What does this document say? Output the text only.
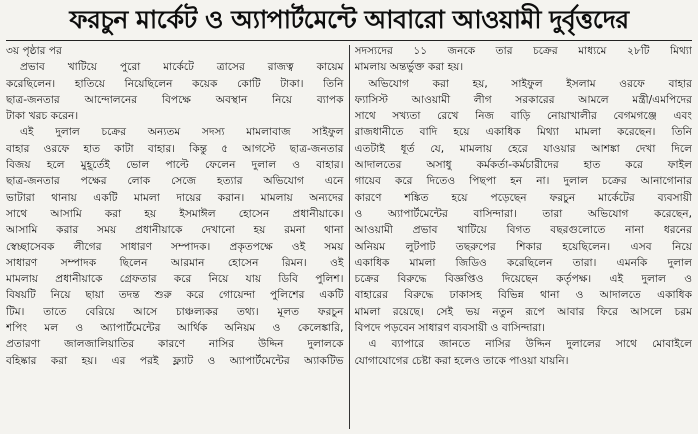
ফরচুন মার্কেট ও অ্যাপার্টমেন্টে আবারো আওয়ামী দুর্বৃত্তদের
৩য় পৃষ্ঠার পর
প্রভাব খাটিয়ে পুরো মার্কেটে ত্রাসের রাজত্ব কায়েম
করেছিলেন। হাতিয়ে নিয়েছিলেন কয়েক কোটি টাকা। তিনি
ছাত্র-জনতার আন্দোলনের বিপক্ষে অবস্থান নিয়ে ব্যাপক
টাকা খরচ করেন।
এই দুলাল চক্রের অন্যতম সদস্য মামলাবাজ সাইফুল
বাহার ওরফে হাত কাটা বাহার। কিন্তু ৫ আগস্টে ছাত্র-জনতার
বিজয় হলে মুহূর্তেই ভোল পাল্টে ফেলেন দুলাল ও বাহার।
ছাত্র-জনতার পক্ষের লোক সেজে হত্যার অভিযোগ এনে
ভাটারা থানায় একটি মামলা দায়ের করান। মামলায় অন্যদের
সাথে আসামি করা হয় ইসমাঈল হোসেন প্রধানীয়াকে।
আসামি করার সময় প্রধানীয়াকে দেখানো হয় রমনা থানা
স্বেচ্ছাসেবক লীগের সাধারণ সম্পাদক। প্রকৃতপক্ষে ওই সময়
সাধারণ সম্পাদক ছিলেন আরমান হোসেন রিমন। ওই
মামলায় প্রধানীয়াকে গ্রেফতার করে নিয়ে যায় ডিবি পুলিশ।
বিষয়টি নিয়ে ছায়া তদন্ত শুরু করে গোয়েন্দা পুলিশের একটি
টিম। তাতে বেরিয়ে আসে চাঞ্চল্যকর তথ্য। মূলত ফরচুন
শপিং মল ও অ্যাপার্টমেন্টের আর্থিক অনিয়ম ও কেলেঙ্কারি,
প্রতারণা জালজালিয়াতির কারণে নাসির উদ্দিন দুলালকে
বহিষ্কার করা হয়। এর পরই ফ্ল্যাট ও অ্যাপার্টমেন্টের অ্যাকটিভ
সদস্যদের ১১ জনকে তার চক্রের মাধ্যমে ২৮টি মিথ্যা
মামলায় অন্তর্ভুক্ত করা হয়।
অভিযোগ করা হয়, সাইফুল ইসলাম ওরফে বাহার
ফ্যাসিস্ট আওয়ামী লীগ সরকারের আমলে মন্ত্রী/এমপিদের
সাথে সখ্যতা রেখে নিজ বাড়ি নোয়াখালীর বেগমগঞ্জে এবং
রাজধানীতে বাদি হয়ে একাধিক মিথ্যা মামলা করেছেন। তিনি
এতটাই ধূর্ত যে, মামলায় হেরে যাওয়ার আশঙ্কা দেখা দিলে
আদালতের অসাধু কর্মকর্তা-কর্মচারীদের হাত করে ফাইল
গায়েব করে দিতেও পিছপা হন না। দুলাল চক্রের আনাগোনার
কারণে শঙ্কিত হয়ে পড়েছেন ফরচুন মার্কেটের ব্যবসায়ী
ও অ্যাপার্টমেন্টের বাসিন্দারা। তারা অভিযোগ করেছেন,
আওয়ামী প্রভাব খাটিয়ে বিগত বছরগুলোতে নানা ধরনের
অনিয়ম লুটপাট তছরুপের শিকার হয়েছিলেন। এসব নিয়ে
একাধিক মামলা জিডিও করেছিলেন তারা। এমনকি দুলাল
চক্রের বিরুদ্ধে বিজ্ঞপ্তিও দিয়েছেন কর্তৃপক্ষ। এই দুলাল ও
বাহারের বিরুদ্ধে ঢাকাসহ বিভিন্ন থানা ও আদালতে একাধিক
মামলা রয়েছে। সেই ভয় নতুন রূপে আবার ফিরে আসলে চরম
বিপদে পড়বেন সাধারণ ব্যবসায়ী ও বাসিন্দারা।
এ ব্যাপারে জানতে নাসির উদ্দিন দুলালের সাথে মোবাইলে
যোগাযোগের চেষ্টা করা হলেও তাকে পাওয়া যায়নি।
